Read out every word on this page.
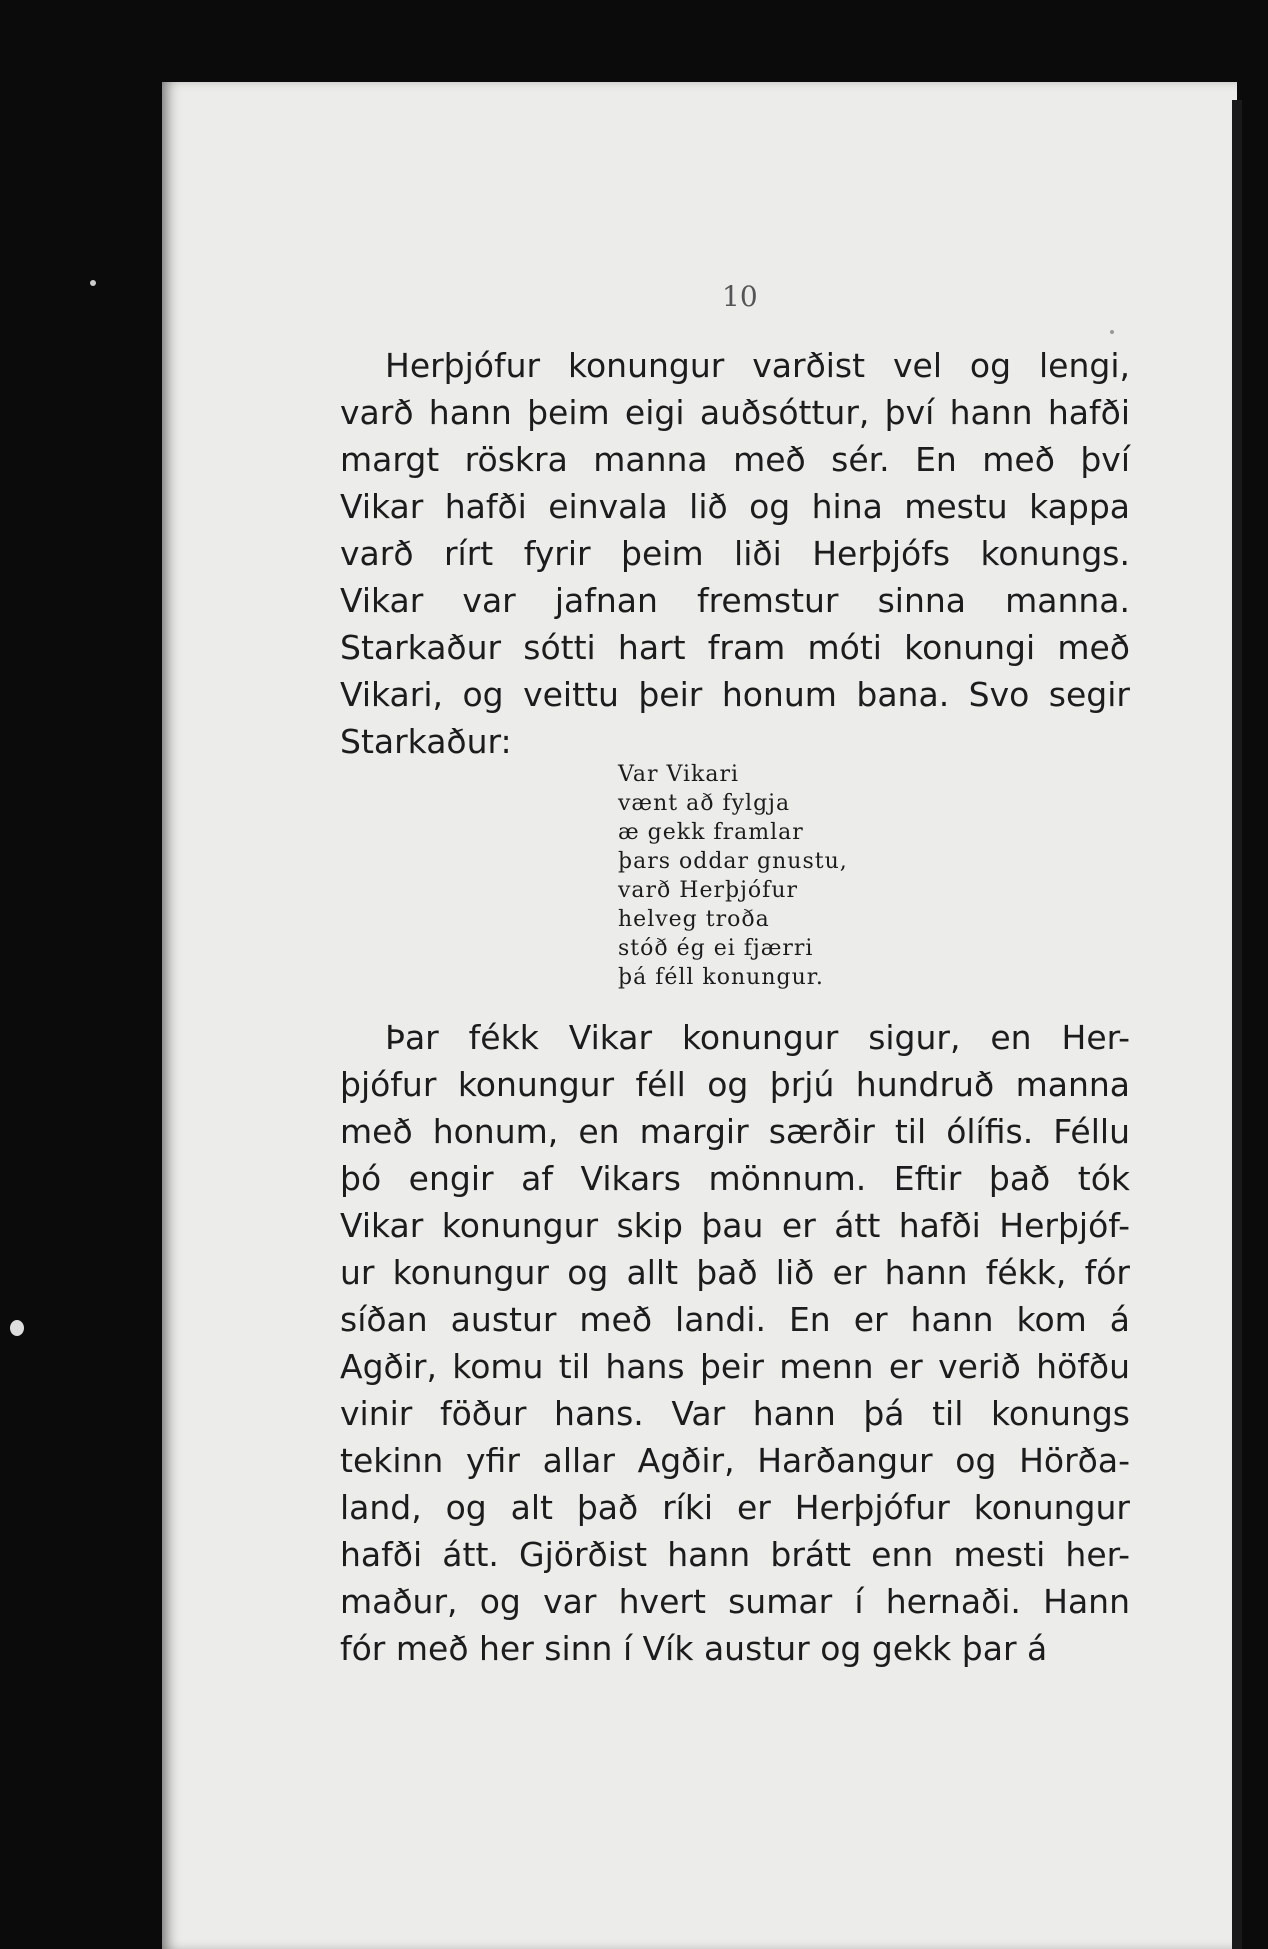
10
Herþjófur konungur varðist vel og lengi,
varð hann þeim eigi auðsóttur, því hann hafði
margt röskra manna með sér. En með því
Vikar hafði einvala lið og hina mestu kappa
varð rírt fyrir þeim liði Herþjófs konungs.
Vikar var jafnan fremstur sinna manna.
Starkaður sótti hart fram móti konungi með
Vikari, og veittu þeir honum bana. Svo segir
Starkaður:
Var Vikari
vænt að fylgja
æ gekk framlar
þars oddar gnustu,
varð Herþjófur
helveg troða
stóð ég ei fjærri
þá féll konungur.
Þar fékk Vikar konungur sigur, en Her-
þjófur konungur féll og þrjú hundruð manna
með honum, en margir særðir til ólífis. Féllu
þó engir af Vikars mönnum. Eftir það tók
Vikar konungur skip þau er átt hafði Herþjóf-
ur konungur og allt það lið er hann fékk, fór
síðan austur með landi. En er hann kom á
Agðir, komu til hans þeir menn er verið höfðu
vinir föður hans. Var hann þá til konungs
tekinn yfir allar Agðir, Harðangur og Hörða-
land, og alt það ríki er Herþjófur konungur
hafði átt. Gjörðist hann brátt enn mesti her-
maður, og var hvert sumar í hernaði. Hann
fór með her sinn í Vík austur og gekk þar á
